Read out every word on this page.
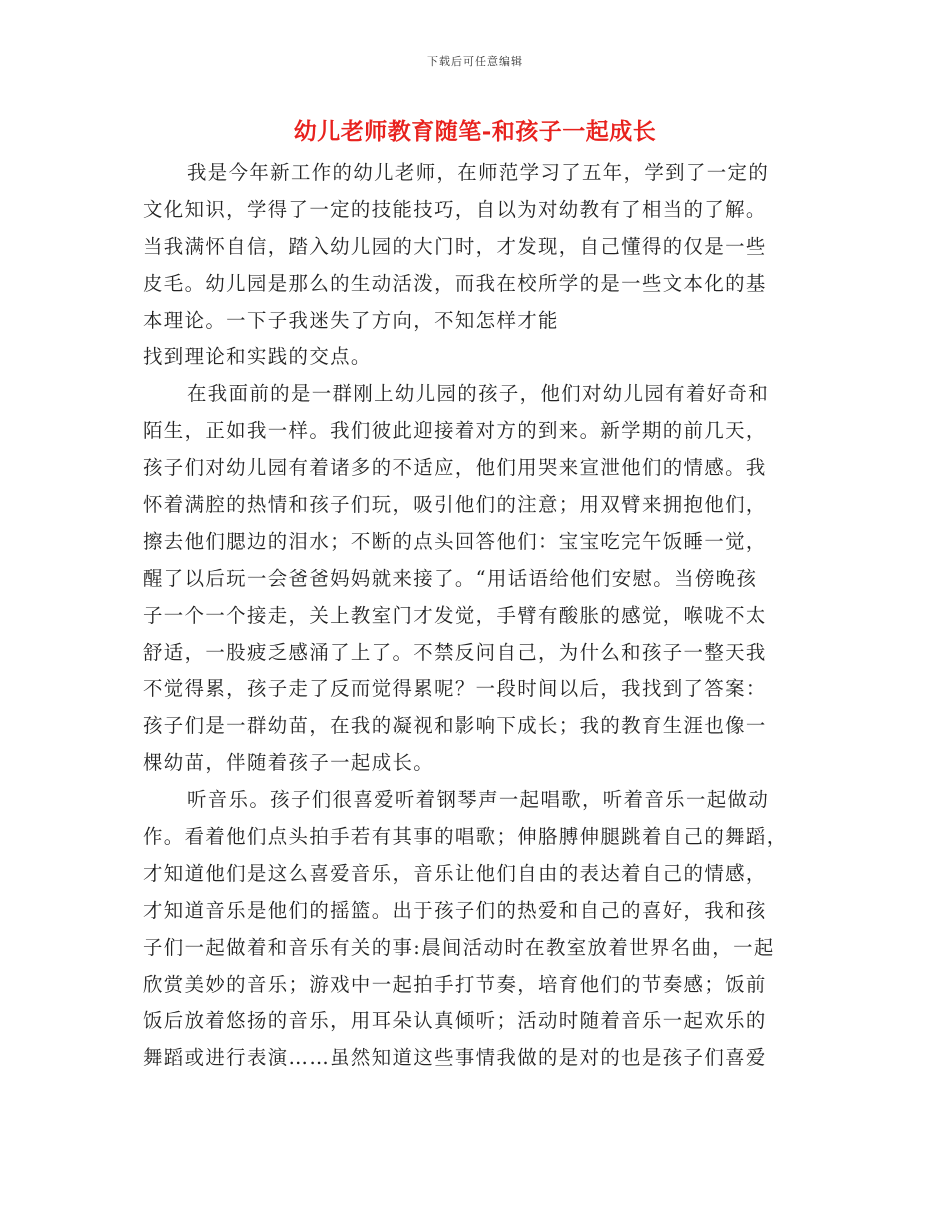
下载后可任意编辑
幼儿老师教育随笔-和孩子一起成长
我是今年新工作的幼儿老师，在师范学习了五年，学到了一定的
文化知识，学得了一定的技能技巧，自以为对幼教有了相当的了解。
当我满怀自信，踏入幼儿园的大门时，才发现，自己懂得的仅是一些
皮毛。幼儿园是那么的生动活泼，而我在校所学的是一些文本化的基
本理论。一下子我迷失了方向，不知怎样才能
找到理论和实践的交点。
在我面前的是一群刚上幼儿园的孩子，他们对幼儿园有着好奇和
陌生，正如我一样。我们彼此迎接着对方的到来。新学期的前几天，
孩子们对幼儿园有着诸多的不适应，他们用哭来宣泄他们的情感。我
怀着满腔的热情和孩子们玩，吸引他们的注意；用双臂来拥抱他们，
擦去他们腮边的泪水；不断的点头回答他们：宝宝吃完午饭睡一觉，
醒了以后玩一会爸爸妈妈就来接了。“用话语给他们安慰。当傍晚孩
子一个一个接走，关上教室门才发觉，手臂有酸胀的感觉，喉咙不太
舒适，一股疲乏感涌了上了。不禁反问自己，为什么和孩子一整天我
不觉得累，孩子走了反而觉得累呢？一段时间以后，我找到了答案：
孩子们是一群幼苗，在我的凝视和影响下成长；我的教育生涯也像一
棵幼苗，伴随着孩子一起成长。
听音乐。孩子们很喜爱听着钢琴声一起唱歌，听着音乐一起做动
作。看着他们点头拍手若有其事的唱歌；伸胳膊伸腿跳着自己的舞蹈，
才知道他们是这么喜爱音乐，音乐让他们自由的表达着自己的情感，
才知道音乐是他们的摇篮。出于孩子们的热爱和自己的喜好，我和孩
子们一起做着和音乐有关的事:晨间活动时在教室放着世界名曲，一起
欣赏美妙的音乐；游戏中一起拍手打节奏，培育他们的节奏感；饭前
饭后放着悠扬的音乐，用耳朵认真倾听；活动时随着音乐一起欢乐的
舞蹈或进行表演……虽然知道这些事情我做的是对的也是孩子们喜爱
